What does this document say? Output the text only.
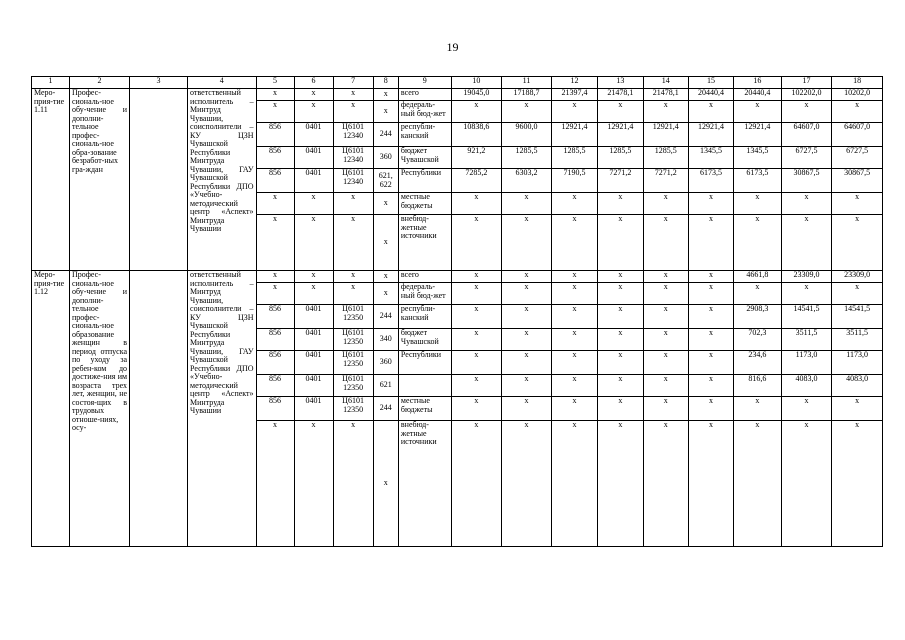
19
1	2	3	4	5	6	7	8	9	10	11	12	13	14	15	16	17	18
Меро-прия-тие 1.11	Профес-сиональ-ное обу-чение и дополни-тельное профес-сиональ-ное обра-зование безработ-ных гра-ждан		ответственный исполнитель – Минтруд Чувашии, соисполнители – КУ ЦЗН Чувашской Республики Минтруда Чувашии, ГАУ Чувашской Республики ДПО «Учебно-методический центр «Аспект» Минтруда Чувашии	х	х	х	х	всего	19045,0	17188,7	21397,4	21478,1	21478,1	20440,4	20440,4	102202,0	10202,0
				х	х	х	х	федераль-ный бюд-жет	х	х	х	х	х	х	х	х	х
				856	0401	Ц6101 12340	244	республи-канский	10838,6	9600,0	12921,4	12921,4	12921,4	12921,4	12921,4	64607,0	64607,0
				856	0401	Ц6101 12340	360	бюджет Чувашской	921,2	1285,5	1285,5	1285,5	1285,5	1345,5	1345,5	6727,5	6727,5
				856	0401	Ц6101 12340	621, 622	Республики	7285,2	6303,2	7190,5	7271,2	7271,2	6173,5	6173,5	30867,5	30867,5
				х	х	х	х	местные бюджеты	х	х	х	х	х	х	х	х	х
				х	х	х	х	внебюд-жетные источники	х	х	х	х	х	х	х	х	х
Меро-прия-тие 1.12	Профес-сиональ-ное обу-чение и дополни-тельное профес-сиональ-ное образование женщин в период отпуска по уходу за ребен-ком до достиже-ния им возраста трех лет, женщин, не состоя-щих в трудовых отноше-ниях, осу-		ответственный исполнитель – Минтруд Чувашии, соисполнители – КУ ЦЗН Чувашской Республики Минтруда Чувашии, ГАУ Чувашской Республики ДПО «Учебно-методический центр «Аспект» Минтруда Чувашии	х	х	х	х	всего	х	х	х	х	х	х	4661,8	23309,0	23309,0
				х	х	х	х	федераль-ный бюд-жет	х	х	х	х	х	х	х	х	х
				856	0401	Ц6101 12350	244	республи-канский	х	х	х	х	х	х	2908,3	14541,5	14541,5
				856	0401	Ц6101 12350	340	бюджет Чувашской	х	х	х	х	х	х	702,3	3511,5	3511,5
				856	0401	Ц6101 12350	360	Республики	х	х	х	х	х	х	234,6	1173,0	1173,0
				856	0401	Ц6101 12350	621		х	х	х	х	х	х	816,6	4083,0	4083,0
				856	0401	Ц6101 12350	244	местные бюджеты	х	х	х	х	х	х	х	х	х
				х	х	х	х	внебюд-жетные источники	х	х	х	х	х	х	х	х	х
